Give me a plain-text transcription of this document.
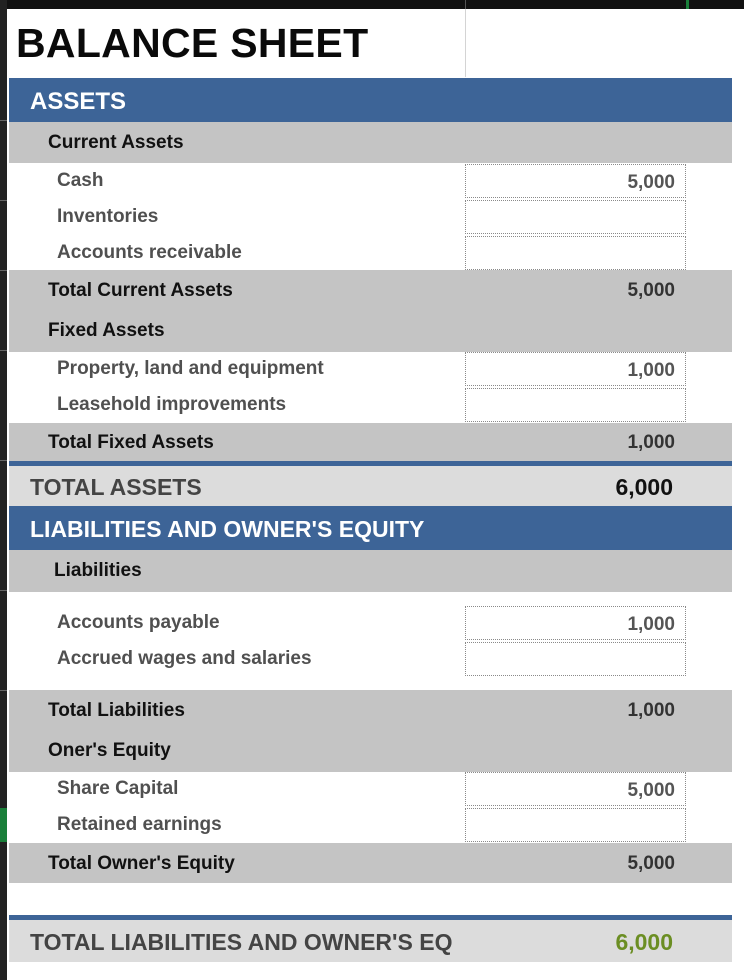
BALANCE SHEET
ASSETS
Current Assets
Cash	5,000
Inventories
Accounts receivable
Total Current Assets	5,000
Fixed Assets
Property, land and equipment	1,000
Leasehold improvements
Total Fixed Assets	1,000
TOTAL ASSETS	6,000
LIABILITIES AND OWNER'S EQUITY
Liabilities
Accounts payable	1,000
Accrued wages and salaries
Total Liabilities	1,000
Oner's Equity
Share Capital	5,000
Retained earnings
Total Owner's Equity	5,000
TOTAL LIABILITIES AND OWNER'S EQ	6,000
